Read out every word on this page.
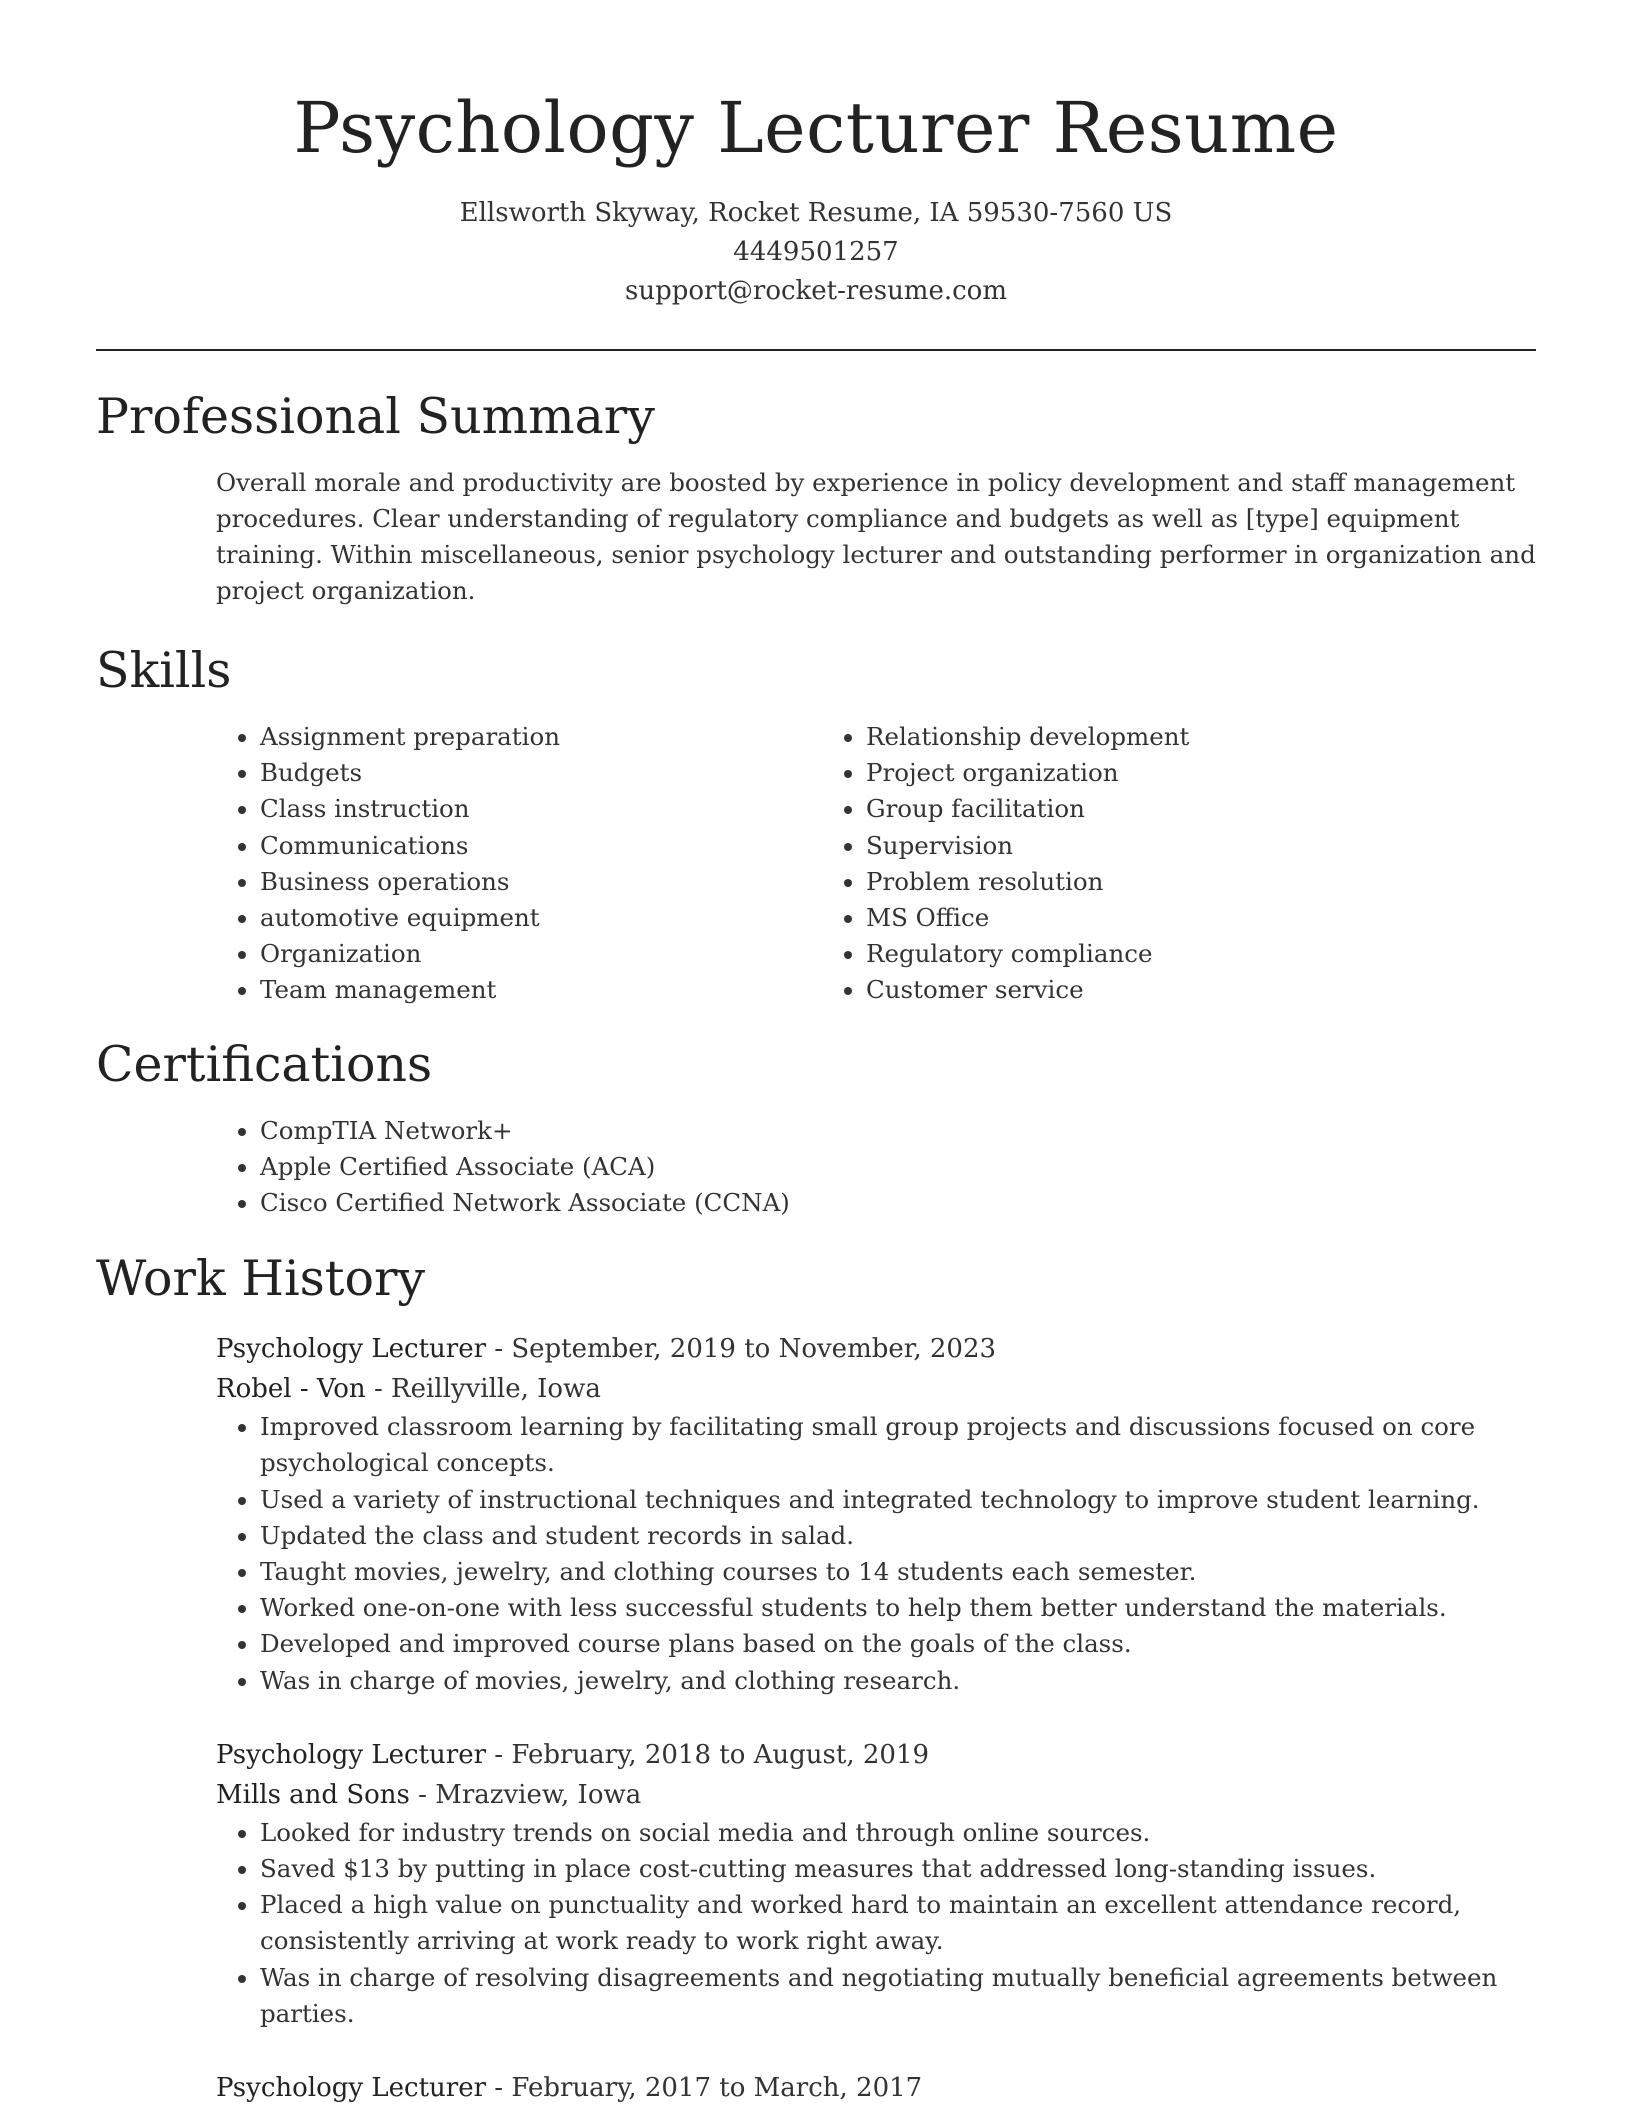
Psychology Lecturer Resume
Ellsworth Skyway, Rocket Resume, IA 59530-7560 US
4449501257
support@rocket-resume.com
Professional Summary
Overall morale and productivity are boosted by experience in policy development and staff management procedures. Clear understanding of regulatory compliance and budgets as well as [type] equipment training. Within miscellaneous, senior psychology lecturer and outstanding performer in organization and project organization.
Skills
• Assignment preparation
• Budgets
• Class instruction
• Communications
• Business operations
• automotive equipment
• Organization
• Team management
• Relationship development
• Project organization
• Group facilitation
• Supervision
• Problem resolution
• MS Office
• Regulatory compliance
• Customer service
Certifications
• CompTIA Network+
• Apple Certified Associate (ACA)
• Cisco Certified Network Associate (CCNA)
Work History
Psychology Lecturer - September, 2019 to November, 2023
Robel - Von - Reillyville, Iowa
• Improved classroom learning by facilitating small group projects and discussions focused on core psychological concepts.
• Used a variety of instructional techniques and integrated technology to improve student learning.
• Updated the class and student records in salad.
• Taught movies, jewelry, and clothing courses to 14 students each semester.
• Worked one-on-one with less successful students to help them better understand the materials.
• Developed and improved course plans based on the goals of the class.
• Was in charge of movies, jewelry, and clothing research.
Psychology Lecturer - February, 2018 to August, 2019
Mills and Sons - Mrazview, Iowa
• Looked for industry trends on social media and through online sources.
• Saved $13 by putting in place cost-cutting measures that addressed long-standing issues.
• Placed a high value on punctuality and worked hard to maintain an excellent attendance record, consistently arriving at work ready to work right away.
• Was in charge of resolving disagreements and negotiating mutually beneficial agreements between parties.
Psychology Lecturer - February, 2017 to March, 2017
